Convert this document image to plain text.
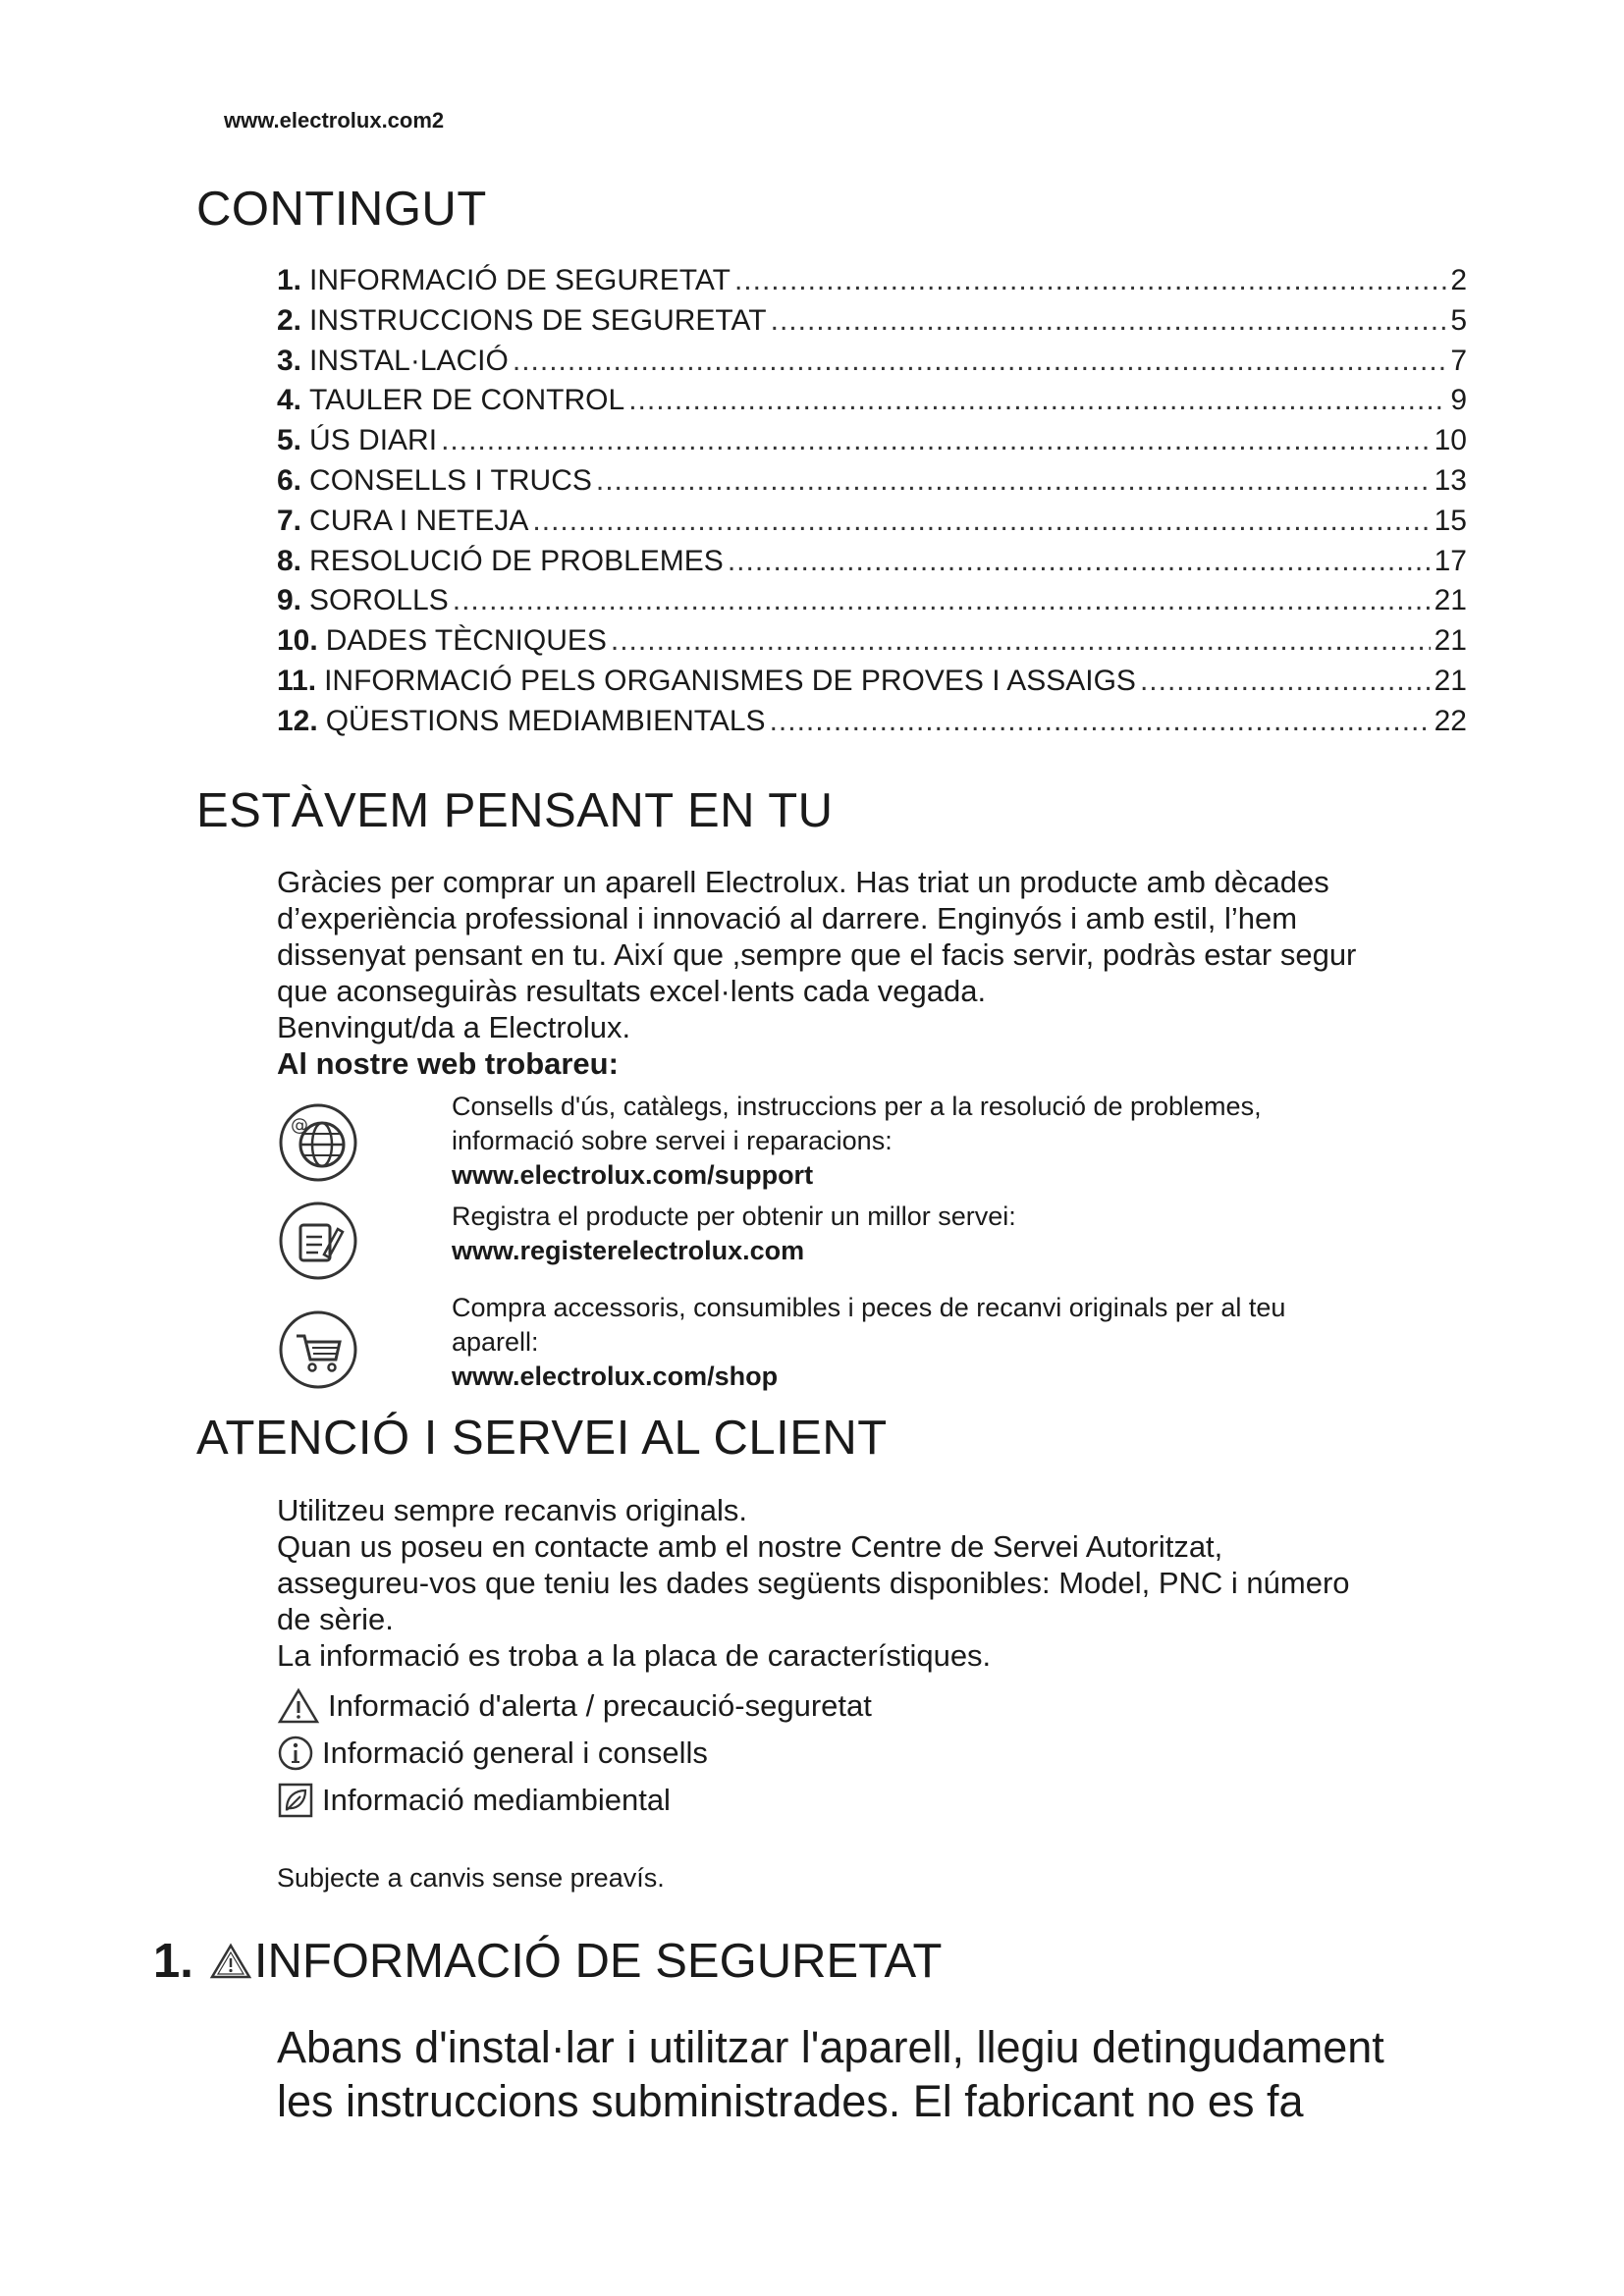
www.electrolux.com2
CONTINGUT
1. INFORMACIÓ DE SEGURETAT .....	2
2. INSTRUCCIONS DE SEGURETAT .....	5
3. INSTAL·LACIÓ .....	7
4. TAULER DE CONTROL .....	9
5. ÚS DIARI .....	10
6. CONSELLS I TRUCS .....	13
7. CURA I NETEJA .....	15
8. RESOLUCIÓ DE PROBLEMES .....	17
9. SOROLLS .....	21
10. DADES TÈCNIQUES .....	21
11. INFORMACIÓ PELS ORGANISMES DE PROVES I ASSAIGS .....	21
12. QÜESTIONS MEDIAMBIENTALS .....	22
ESTÀVEM PENSANT EN TU

Gràcies per comprar un aparell Electrolux. Has triat un producte amb dècades
d’experiència professional i innovació al darrere. Enginyós i amb estil, l’hem
dissenyat pensant en tu. Així que ,sempre que el facis servir, podràs estar segur
que aconseguiràs resultats excel·lents cada vegada.
Benvingut/da a Electrolux.

Al nostre web trobareu:

@
Consells d'ús, catàlegs, instruccions per a la resolució de problemes,
informació sobre servei i reparacions:
www.electrolux.com/support
Registra el producte per obtenir un millor servei:
www.registerelectrolux.com
Compra accessoris, consumibles i peces de recanvi originals per al teu
aparell:
www.electrolux.com/shop
ATENCIÓ I SERVEI AL CLIENT

Utilitzeu sempre recanvis originals.
Quan us poseu en contacte amb el nostre Centre de Servei Autoritzat,
assegureu-vos que teniu les dades següents disponibles: Model, PNC i número
de sèrie.
La informació es troba a la placa de característiques.

Informació d'alerta / precaució-seguretat
Informació general i consells
Informació mediambiental
Subjecte a canvis sense preavís.
1. INFORMACIÓ DE SEGURETAT

Abans d'instal·lar i utilitzar l'aparell, llegiu detingudament
les instruccions subministrades. El fabricant no es fa
